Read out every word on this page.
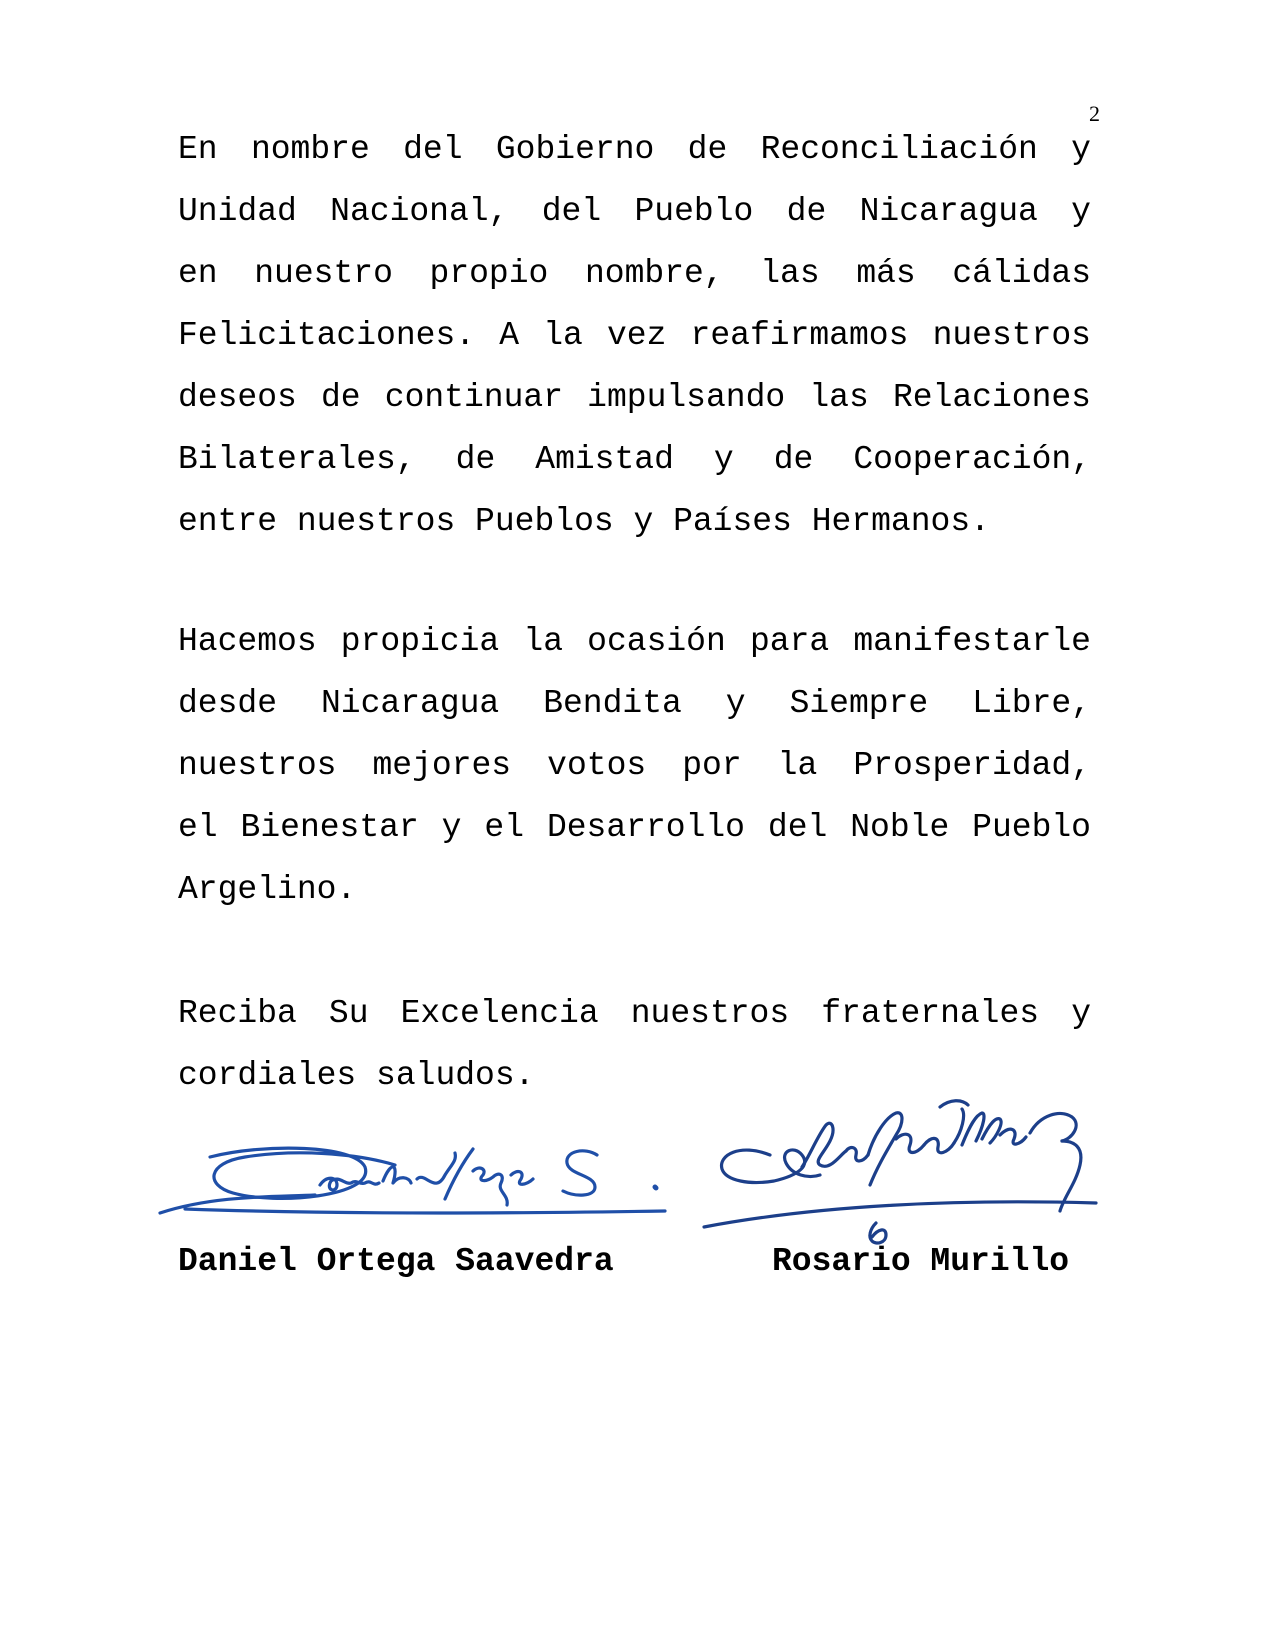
2
En nombre del Gobierno de Reconciliación y
Unidad Nacional, del Pueblo de Nicaragua y
en nuestro propio nombre, las más cálidas
Felicitaciones. A la vez reafirmamos nuestros
deseos de continuar impulsando las Relaciones
Bilaterales, de Amistad y de Cooperación,
entre nuestros Pueblos y Países Hermanos.
Hacemos propicia la ocasión para manifestarle
desde Nicaragua Bendita y Siempre Libre,
nuestros mejores votos por la Prosperidad,
el Bienestar y el Desarrollo del Noble Pueblo
Argelino.
Reciba Su Excelencia nuestros fraternales y
cordiales saludos.
Daniel Ortega Saavedra	Rosario Murillo
